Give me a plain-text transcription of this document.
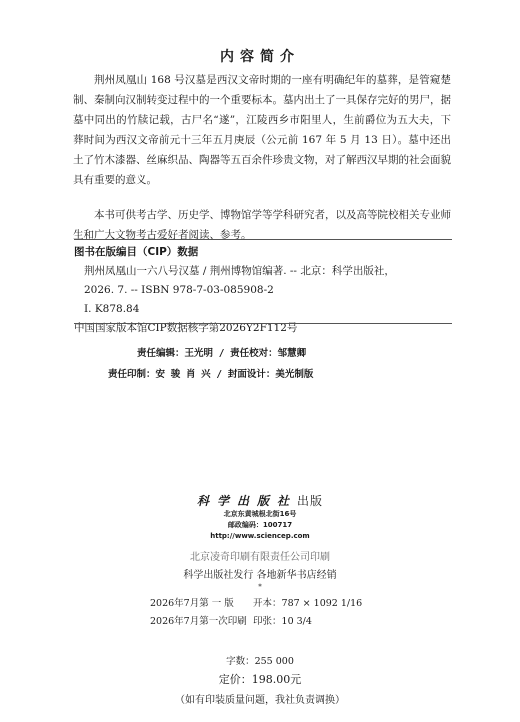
内容简介

荆州凤凰山 168 号汉墓是西汉文帝时期的一座有明确纪年的墓葬，是管窥楚制、秦制向汉制转变过程中的一个重要标本。墓内出土了一具保存完好的男尸，据墓中同出的竹牍记载，古尸名“遂”，江陵西乡市阳里人，生前爵位为五大夫，下葬时间为西汉文帝前元十三年五月庚辰（公元前 167 年 5 月 13 日）。墓中还出土了竹木漆器、丝麻织品、陶器等五百余件珍贵文物，对了解西汉早期的社会面貌具有重要的意义。

本书可供考古学、历史学、博物馆学等学科研究者，以及高等院校相关专业师生和广大文物考古爱好者阅读、参考。

图书在版编目（CIP）数据
荆州凤凰山一六八号汉墓 / 荆州博物馆编著. -- 北京：科学出版社，
2026. 7. -- ISBN 978-7-03-085908-2
Ⅰ. K878.84
中国国家版本馆CIP数据核字第2026Y2F112号
责任编辑：王光明 / 责任校对：邹慧卿
责任印制：安 骏 肖 兴 / 封面设计：美光制版
科学出版社出版
北京东黄城根北街16号
邮政编码：100717
http://www.sciencep.com
北京凌奇印刷有限责任公司印刷
科学出版社发行 各地新华书店经销
*
2026年7月第 一 版 开本：787 × 1092 1/16
2026年7月第一次印刷 印张：10 3/4
字数：255 000
定价：198.00元
（如有印装质量问题，我社负责调换）
